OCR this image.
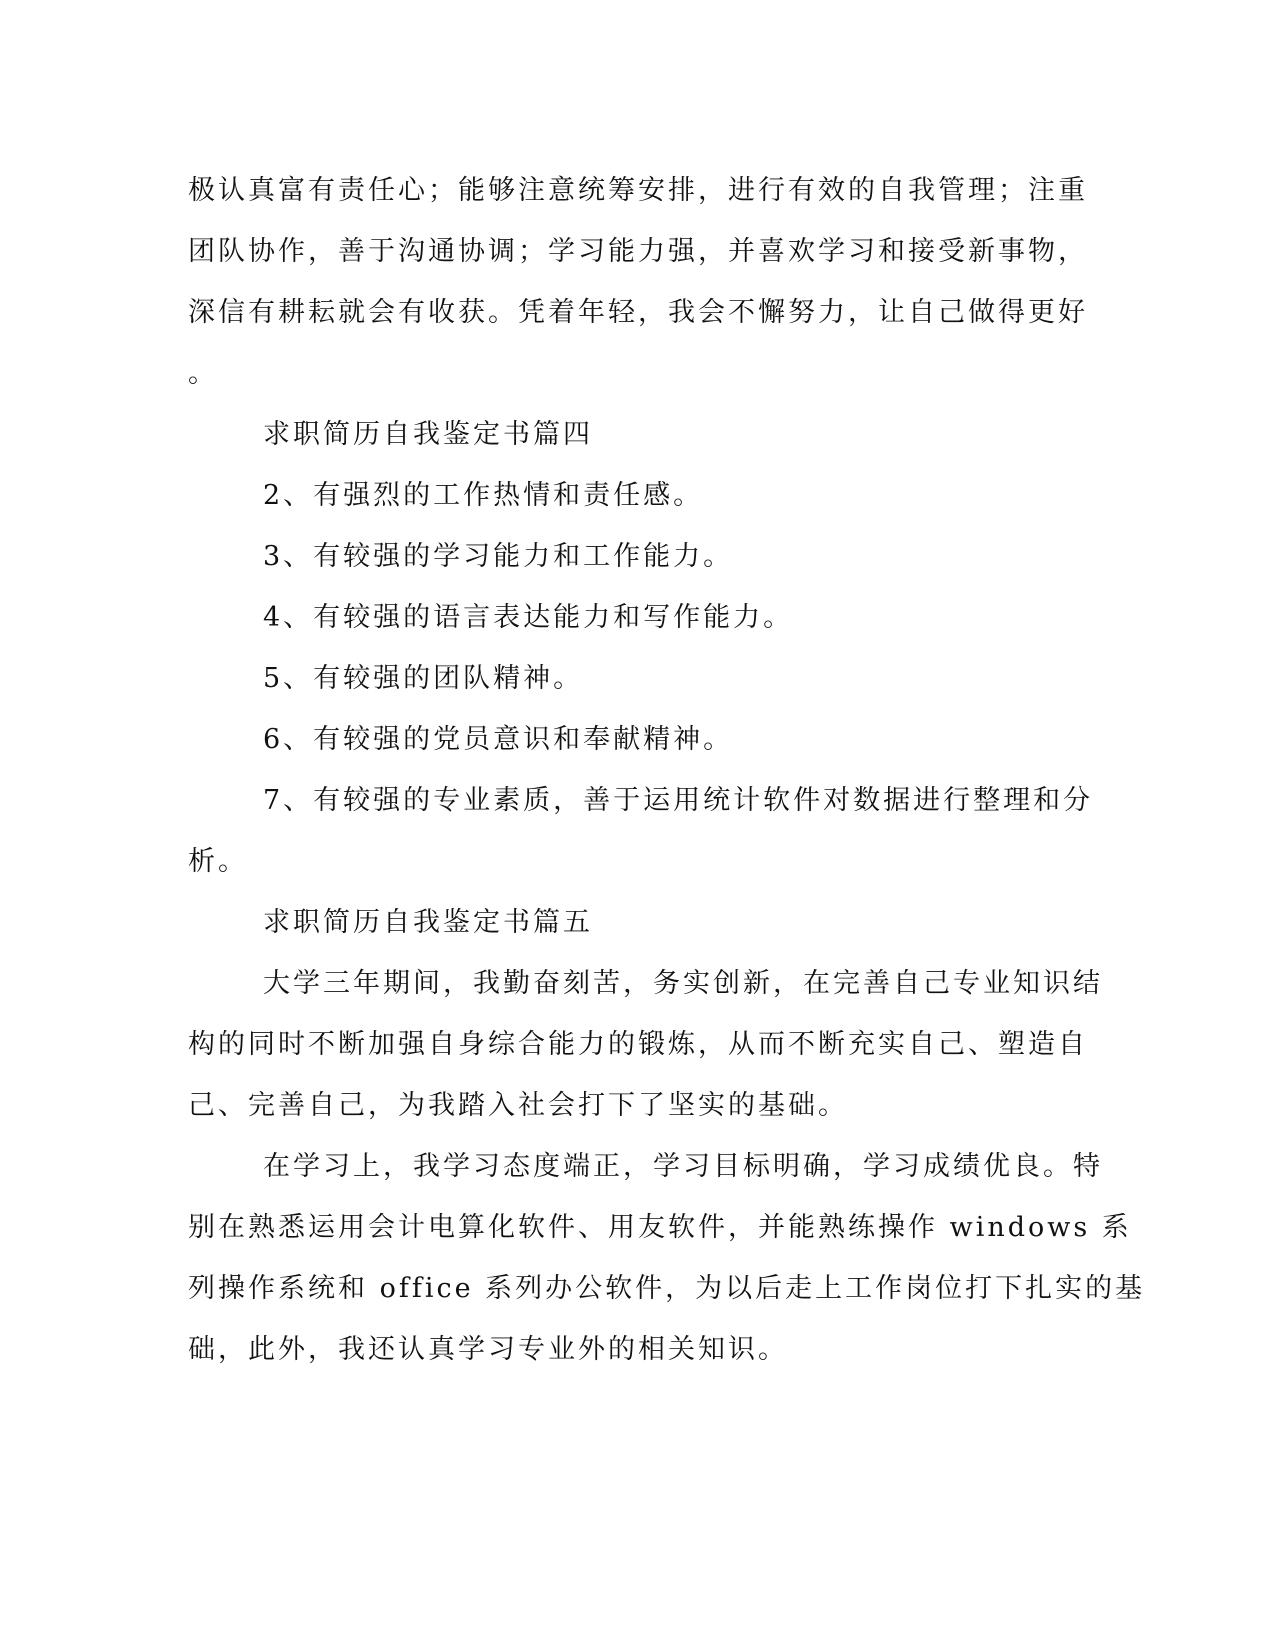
极认真富有责任心；能够注意统筹安排，进行有效的自我管理；注重
团队协作，善于沟通协调；学习能力强，并喜欢学习和接受新事物，
深信有耕耘就会有收获。凭着年轻，我会不懈努力，让自己做得更好
。
求职简历自我鉴定书篇四
2、有强烈的工作热情和责任感。
3、有较强的学习能力和工作能力。
4、有较强的语言表达能力和写作能力。
5、有较强的团队精神。
6、有较强的党员意识和奉献精神。
7、有较强的专业素质，善于运用统计软件对数据进行整理和分
析。
求职简历自我鉴定书篇五
大学三年期间，我勤奋刻苦，务实创新，在完善自己专业知识结
构的同时不断加强自身综合能力的锻炼，从而不断充实自己、塑造自
己、完善自己，为我踏入社会打下了坚实的基础。
在学习上，我学习态度端正，学习目标明确，学习成绩优良。特
别在熟悉运用会计电算化软件、用友软件，并能熟练操作 windows 系
列操作系统和 office 系列办公软件，为以后走上工作岗位打下扎实的基
础，此外，我还认真学习专业外的相关知识。
